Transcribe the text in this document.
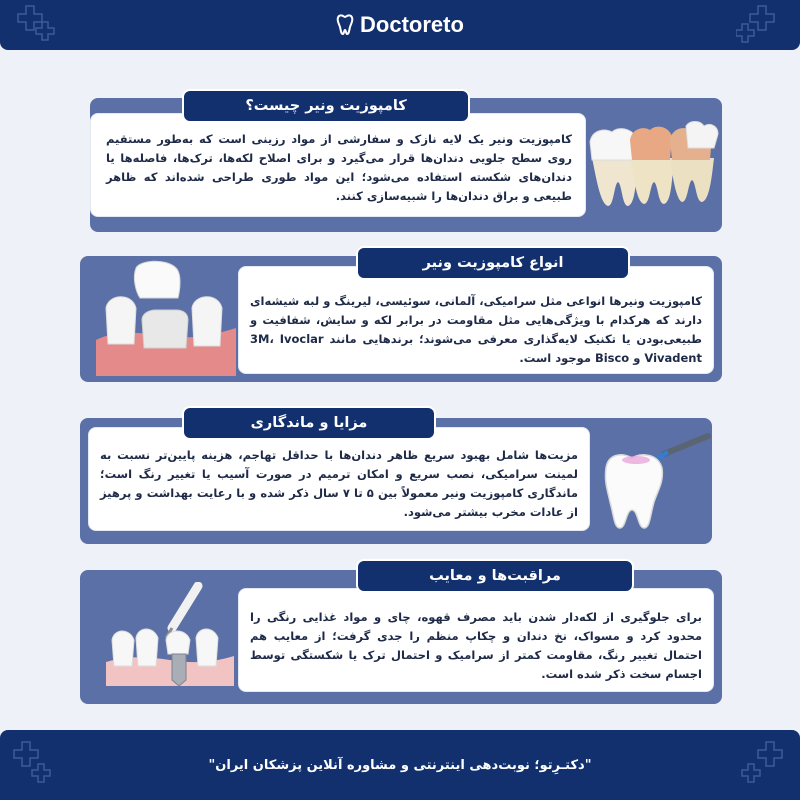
Doctoreto
کامپوزیت ونیر یک لایه نازک و سفارشی از مواد رزینی است که به‌طور مستقیم روی سطح جلویی دندان‌ها قرار می‌گیرد و برای اصلاح لکه‌ها، ترک‌ها، فاصله‌ها یا دندان‌های شکسته استفاده می‌شود؛ این مواد طوری طراحی شده‌اند که ظاهر طبیعی و براق دندان‌ها را شبیه‌سازی کنند.
کامپوزیت ونیر چیست؟
کامپوزیت ونیرها انواعی مثل سرامیکی، آلمانی، سوئیسی، لیرینگ و لبه شیشه‌ای دارند که هرکدام با ویژگی‌هایی مثل مقاومت در برابر لکه و سایش، شفافیت و طبیعی‌بودن یا تکنیک لایه‌گذاری معرفی می‌شوند؛ برندهایی مانند 3M، Ivoclar Vivadent و Bisco موجود است.
انواع کامپوزیت ونیر
مزیت‌ها شامل بهبود سریع ظاهر دندان‌ها با حداقل تهاجم، هزینه پایین‌تر نسبت به لمینت سرامیکی، نصب سریع و امکان ترمیم در صورت آسیب یا تغییر رنگ است؛ ماندگاری کامپوزیت ونیر معمولاً بین ۵ تا ۷ سال ذکر شده و با رعایت بهداشت و پرهیز از عادات مخرب بیشتر می‌شود.
مزایا و ماندگاری
برای جلوگیری از لکه‌دار شدن باید مصرف قهوه، چای و مواد غذایی رنگی را محدود کرد و مسواک، نخ دندان و چکاپ منظم را جدی گرفت؛ از معایب هم احتمال تغییر رنگ، مقاومت کمتر از سرامیک و احتمال ترک یا شکستگی توسط اجسام سخت ذکر شده است.
مراقبت‌ها و معایب
"دکتـرِتو؛ نوبت‌دهی اینترنتی و مشاوره آنلاین پزشکان ایران"
